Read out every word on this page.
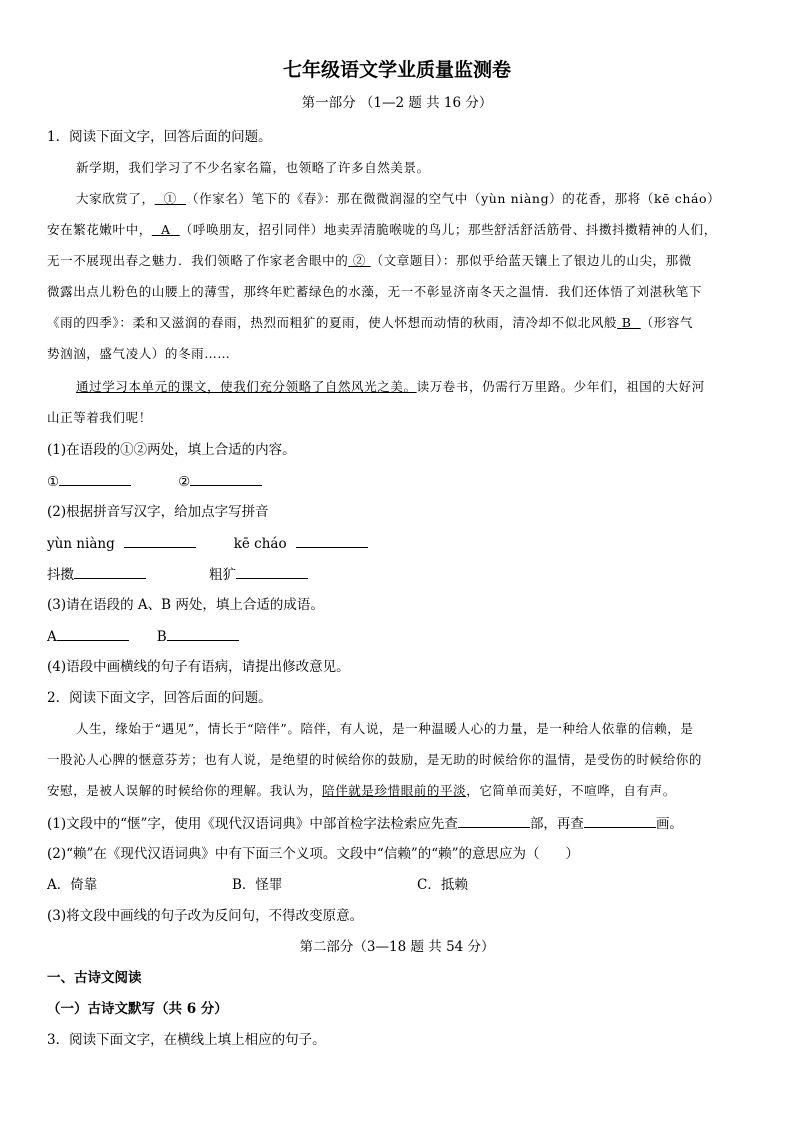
七年级语文学业质量监测卷
第一部分 （1—2 题 共 16 分）
1．阅读下面文字，回答后面的问题。
新学期，我们学习了不少名家名篇，也领略了许多自然美景。
大家欣赏了， ① （作家名）笔下的《春》：那在微微润湿的空气中（yùn niàng）的花香，那将（kē cháo）
安在繁花嫩叶中， A （呼唤朋友，招引同伴）地卖弄清脆喉咙的鸟儿；那些舒活舒活筋骨、抖擞抖擞精神的人们，
无一不展现出春之魅力．我们领略了作家老舍眼中的 ② （文章题目）：那似乎给蓝天镶上了银边儿的山尖，那微
微露出点儿粉色的山腰上的薄雪，那终年贮蓄绿色的水藻，无一不彰显济南冬天之温情．我们还体悟了刘湛秋笔下
《雨的四季》：柔和又滋润的春雨，热烈而粗犷的夏雨，使人怀想而动情的秋雨，清冷却不似北风般 B （形容气
势汹汹，盛气凌人）的冬雨……
通过学习本单元的课文，使我们充分领略了自然风光之美。读万卷书，仍需行万里路。少年们，祖国的大好河
山正等着我们呢！
(1)在语段的①②两处，填上合适的内容。
①	②
(2)根据拼音写汉字，给加点字写拼音
yùn niàng	kē cháo
抖擞	粗犷
(3)请在语段的 A、B 两处，填上合适的成语。
A	B
(4)语段中画横线的句子有语病，请提出修改意见。
2．阅读下面文字，回答后面的问题。
人生，缘始于“遇见”，情长于“陪伴”。陪伴，有人说，是一种温暖人心的力量，是一种给人依靠的信赖，是
一股沁人心脾的惬意芬芳；也有人说，是绝望的时候给你的鼓励，是无助的时候给你的温情，是受伤的时候给你的
安慰，是被人误解的时候给你的理解。我认为，陪伴就是珍惜眼前的平淡，它简单而美好，不喧哗，自有声。
(1)文段中的“惬”字，使用《现代汉语词典》中部首检字法检索应先查	部，再查	画。
(2)“赖”在《现代汉语词典》中有下面三个义项。文段中“信赖”的“赖”的意思应为（ ）
A．倚靠	B．怪罪	C．抵赖
(3)将文段中画线的句子改为反问句，不得改变原意。
第二部分（3—18 题 共 54 分）
一、古诗文阅读
（一）古诗文默写（共 6 分）
3．阅读下面文字，在横线上填上相应的句子。
